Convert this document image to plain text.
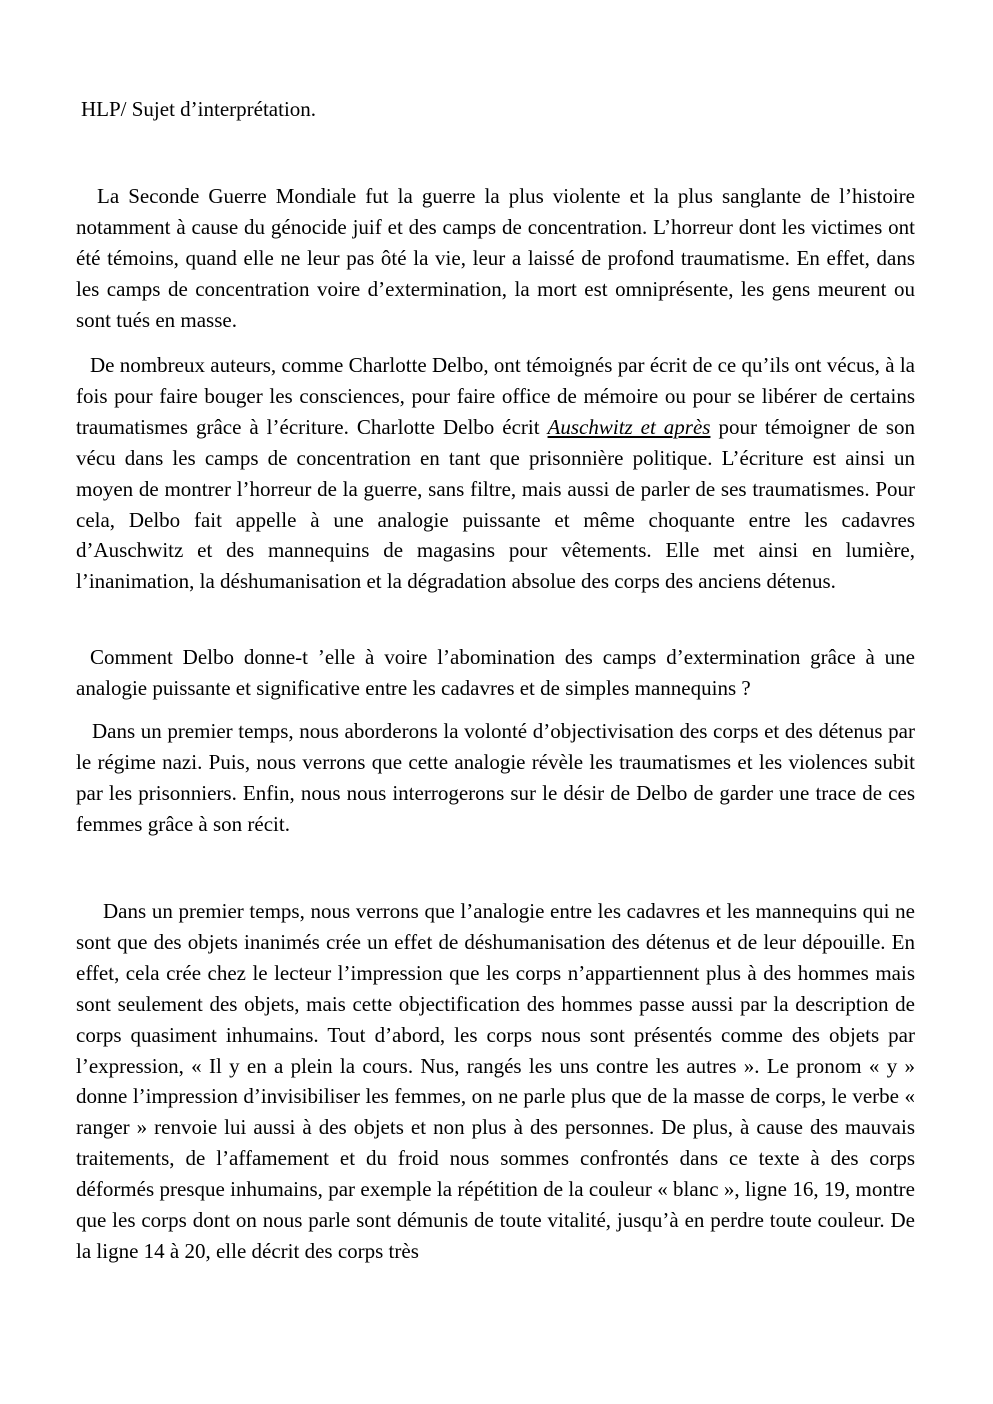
HLP/ Sujet d’interprétation.

La Seconde Guerre Mondiale fut la guerre la plus violente et la plus sanglante de l’histoire notamment à cause du génocide juif et des camps de concentration. L’horreur dont les victimes ont été témoins, quand elle ne leur pas ôté la vie, leur a laissé de profond traumatisme. En effet, dans les camps de concentration voire d’extermination, la mort est omniprésente, les gens meurent ou sont tués en masse.

De nombreux auteurs, comme Charlotte Delbo, ont témoignés par écrit de ce qu’ils ont vécus, à la fois pour faire bouger les consciences, pour faire office de mémoire ou pour se libérer de certains traumatismes grâce à l’écriture. Charlotte Delbo écrit Auschwitz et après pour témoigner de son vécu dans les camps de concentration en tant que prisonnière politique. L’écriture est ainsi un moyen de montrer l’horreur de la guerre, sans filtre, mais aussi de parler de ses traumatismes. Pour cela, Delbo fait appelle à une analogie puissante et même choquante entre les cadavres d’Auschwitz et des mannequins de magasins pour vêtements. Elle met ainsi en lumière, l’inanimation, la déshumanisation et la dégradation absolue des corps des anciens détenus.

Comment Delbo donne-t ’elle à voire l’abomination des camps d’extermination grâce à une analogie puissante et significative entre les cadavres et de simples mannequins ?

Dans un premier temps, nous aborderons la volonté d’objectivisation des corps et des détenus par le régime nazi. Puis, nous verrons que cette analogie révèle les traumatismes et les violences subit par les prisonniers. Enfin, nous nous interrogerons sur le désir de Delbo de garder une trace de ces femmes grâce à son récit.

Dans un premier temps, nous verrons que l’analogie entre les cadavres et les mannequins qui ne sont que des objets inanimés crée un effet de déshumanisation des détenus et de leur dépouille. En effet, cela crée chez le lecteur l’impression que les corps n’appartiennent plus à des hommes mais sont seulement des objets, mais cette objectification des hommes passe aussi par la description de corps quasiment inhumains. Tout d’abord, les corps nous sont présentés comme des objets par l’expression, « Il y en a plein la cours. Nus, rangés les uns contre les autres ». Le pronom « y » donne l’impression d’invisibiliser les femmes, on ne parle plus que de la masse de corps, le verbe « ranger » renvoie lui aussi à des objets et non plus à des personnes. De plus, à cause des mauvais traitements, de l’affamement et du froid nous sommes confrontés dans ce texte à des corps déformés presque inhumains, par exemple la répétition de la couleur « blanc », ligne 16, 19, montre que les corps dont on nous parle sont démunis de toute vitalité, jusqu’à en perdre toute couleur. De la ligne 14 à 20, elle décrit des corps très
